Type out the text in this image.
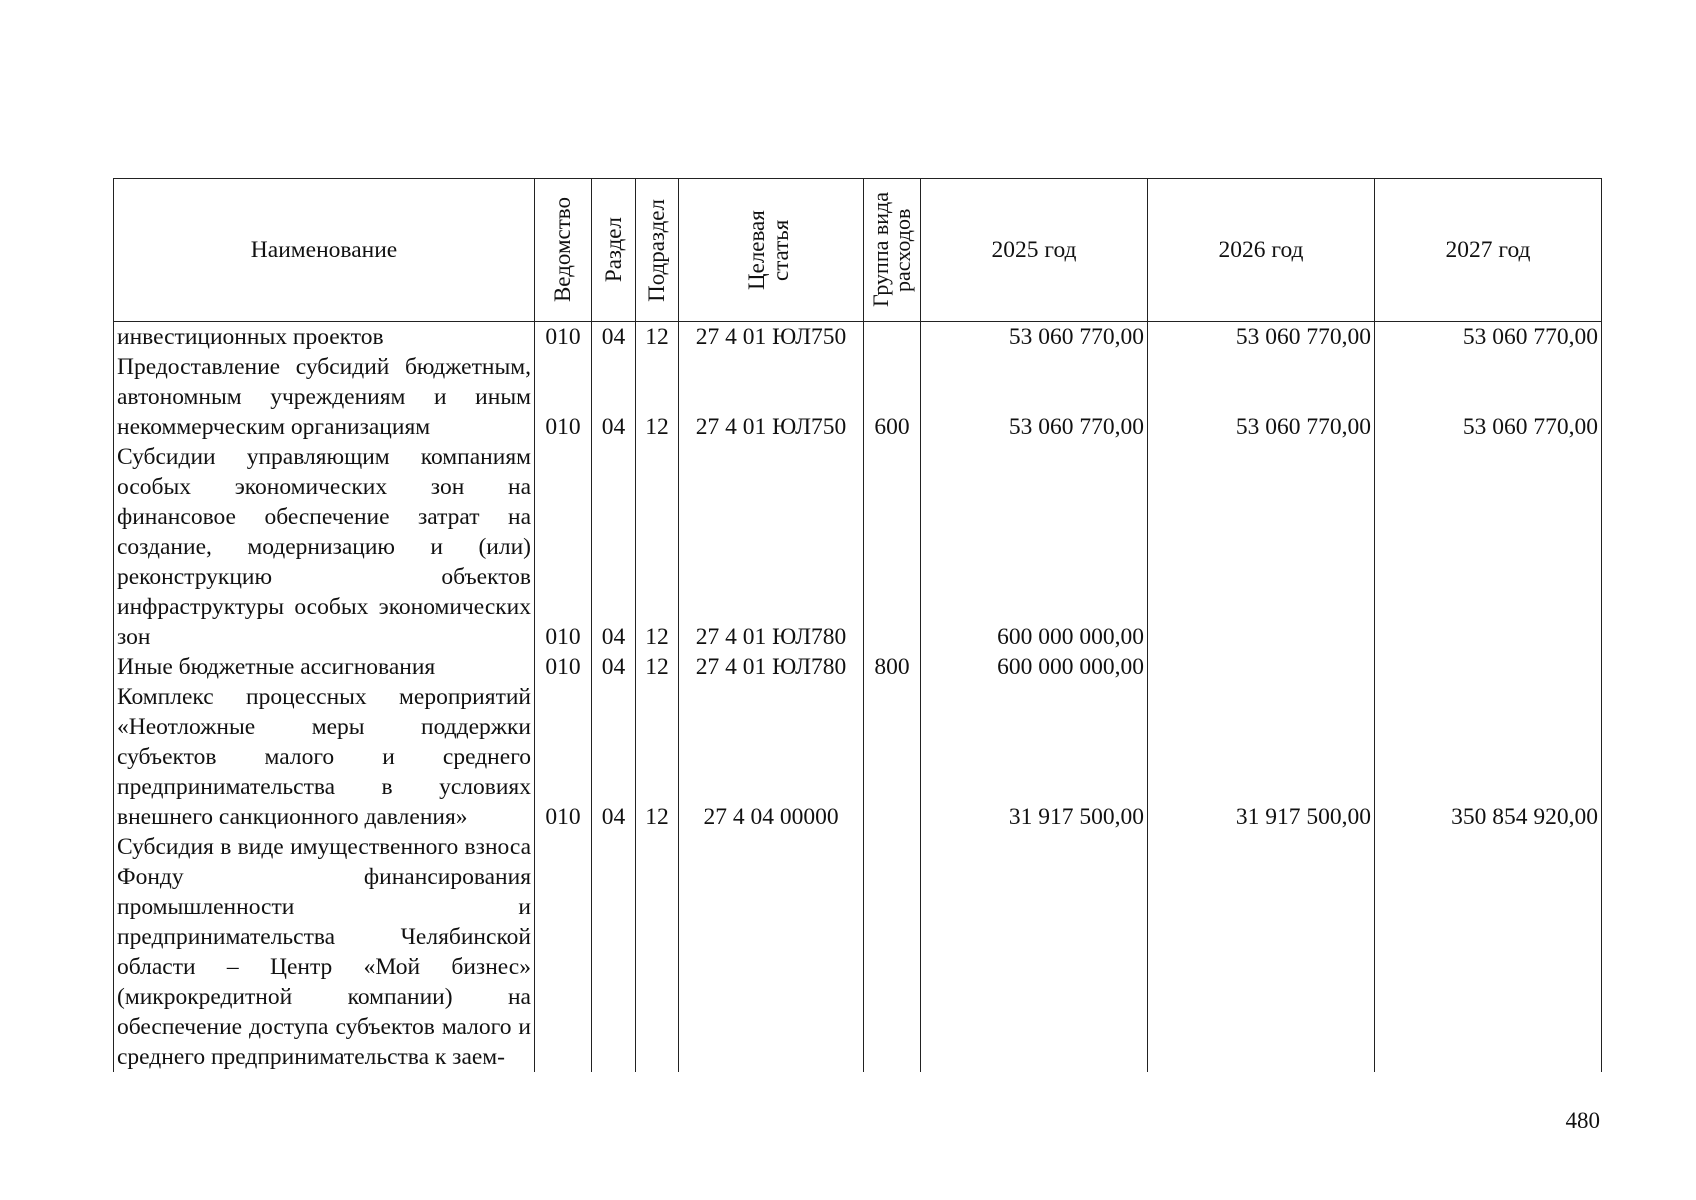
Наименование	Ведомство	Раздел	Подраздел	Целевая статья	Группа вида расходов	2025 год	2026 год	2027 год
инвестиционных проектов	010	04	12	27 4 01 ЮЛ750		53 060 770,00	53 060 770,00	53 060 770,00
Предоставление субсидий бюджетным, автономным учреждениям и иным некоммерческим организациям	010	04	12	27 4 01 ЮЛ750	600	53 060 770,00	53 060 770,00	53 060 770,00
Субсидии управляющим компаниям особых экономических зон на финансовое обеспечение затрат на создание, модернизацию и (или) реконструкцию объектов инфраструктуры особых экономических зон	010	04	12	27 4 01 ЮЛ780		600 000 000,00		
Иные бюджетные ассигнования	010	04	12	27 4 01 ЮЛ780	800	600 000 000,00		
Комплекс процессных мероприятий «Неотложные меры поддержки субъектов малого и среднего предпринимательства в условиях внешнего санкционного давления»	010	04	12	27 4 04 00000		31 917 500,00	31 917 500,00	350 854 920,00
Субсидия в виде имущественного взноса Фонду финансирования промышленности и предпринимательства Челябинской области – Центр «Мой бизнес» (микрокредитной компании) на обеспечение доступа субъектов малого и среднего предпринимательства к заем-								
480
